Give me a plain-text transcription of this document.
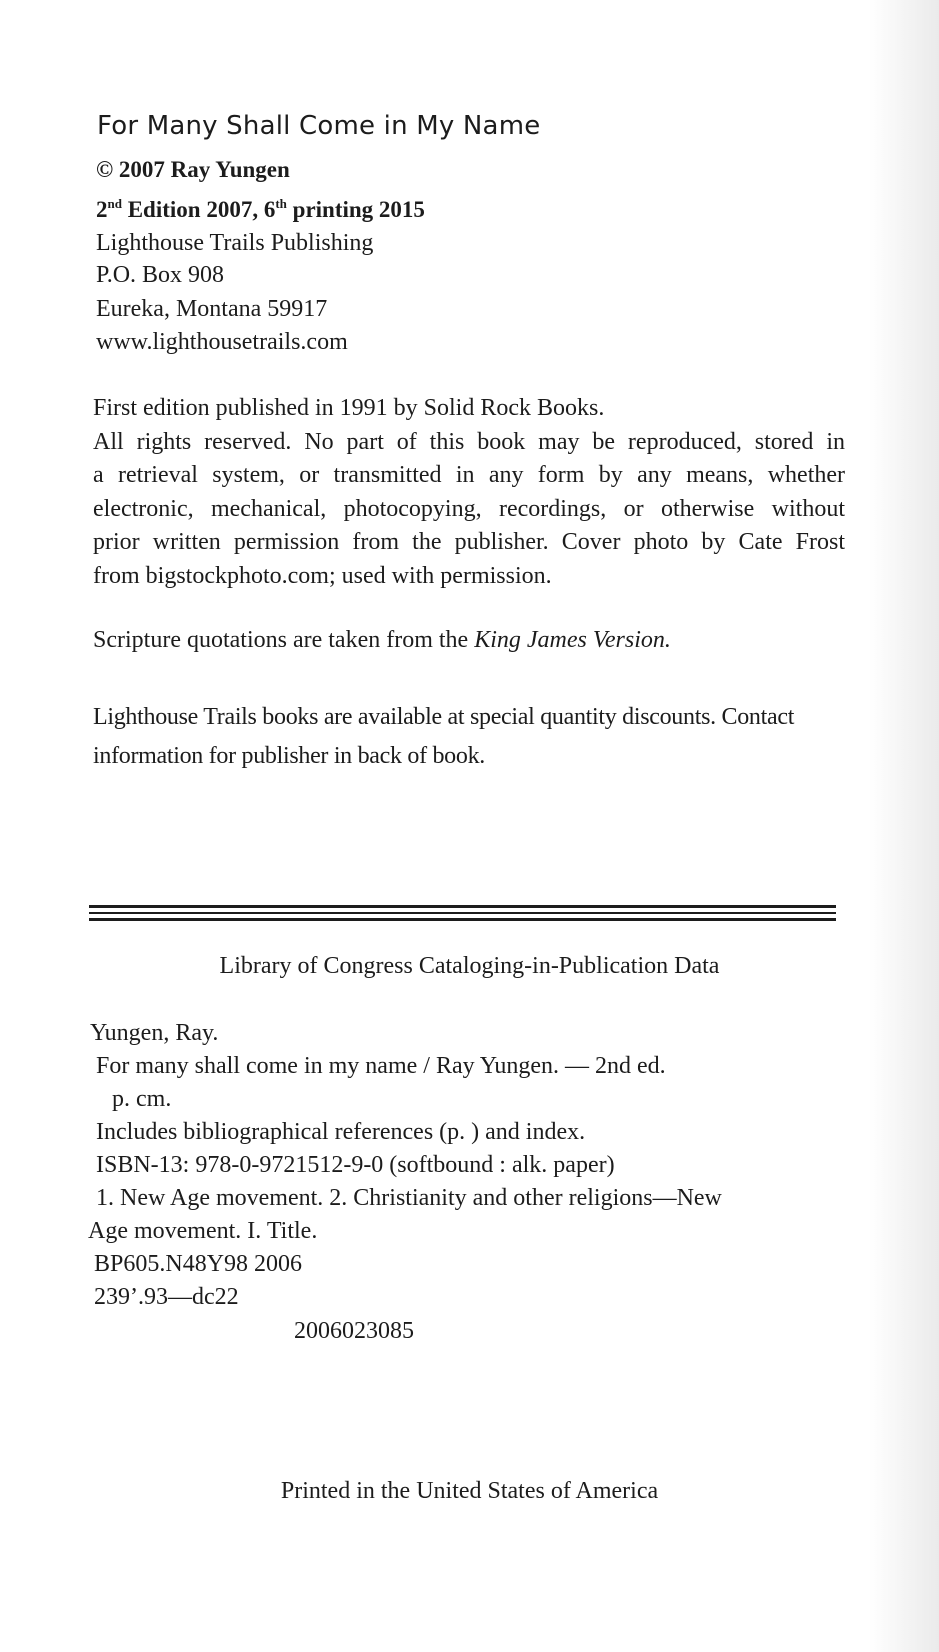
For Many Shall Come in My Name
© 2007 Ray Yungen
2nd Edition 2007, 6th printing 2015
Lighthouse Trails Publishing
P.O. Box 908
Eureka, Montana 59917
www.lighthousetrails.com
First edition published in 1991 by Solid Rock Books.
All rights reserved. No part of this book may be reproduced, stored in
a retrieval system, or transmitted in any form by any means, whether
electronic, mechanical, photocopying, recordings, or otherwise without
prior written permission from the publisher. Cover photo by Cate Frost
from bigstockphoto.com; used with permission.
Scripture quotations are taken from the King James Version.
Lighthouse Trails books are available at special quantity discounts. Contact
information for publisher in back of book.
Library of Congress Cataloging-in-Publication Data
Yungen, Ray.
For many shall come in my name / Ray Yungen. — 2nd ed.
p. cm.
Includes bibliographical references (p. ) and index.
ISBN-13: 978-0-9721512-9-0 (softbound : alk. paper)
1. New Age movement. 2. Christianity and other religions—New
Age movement. I. Title.
BP605.N48Y98 2006
239’.93—dc22
2006023085
Printed in the United States of America
